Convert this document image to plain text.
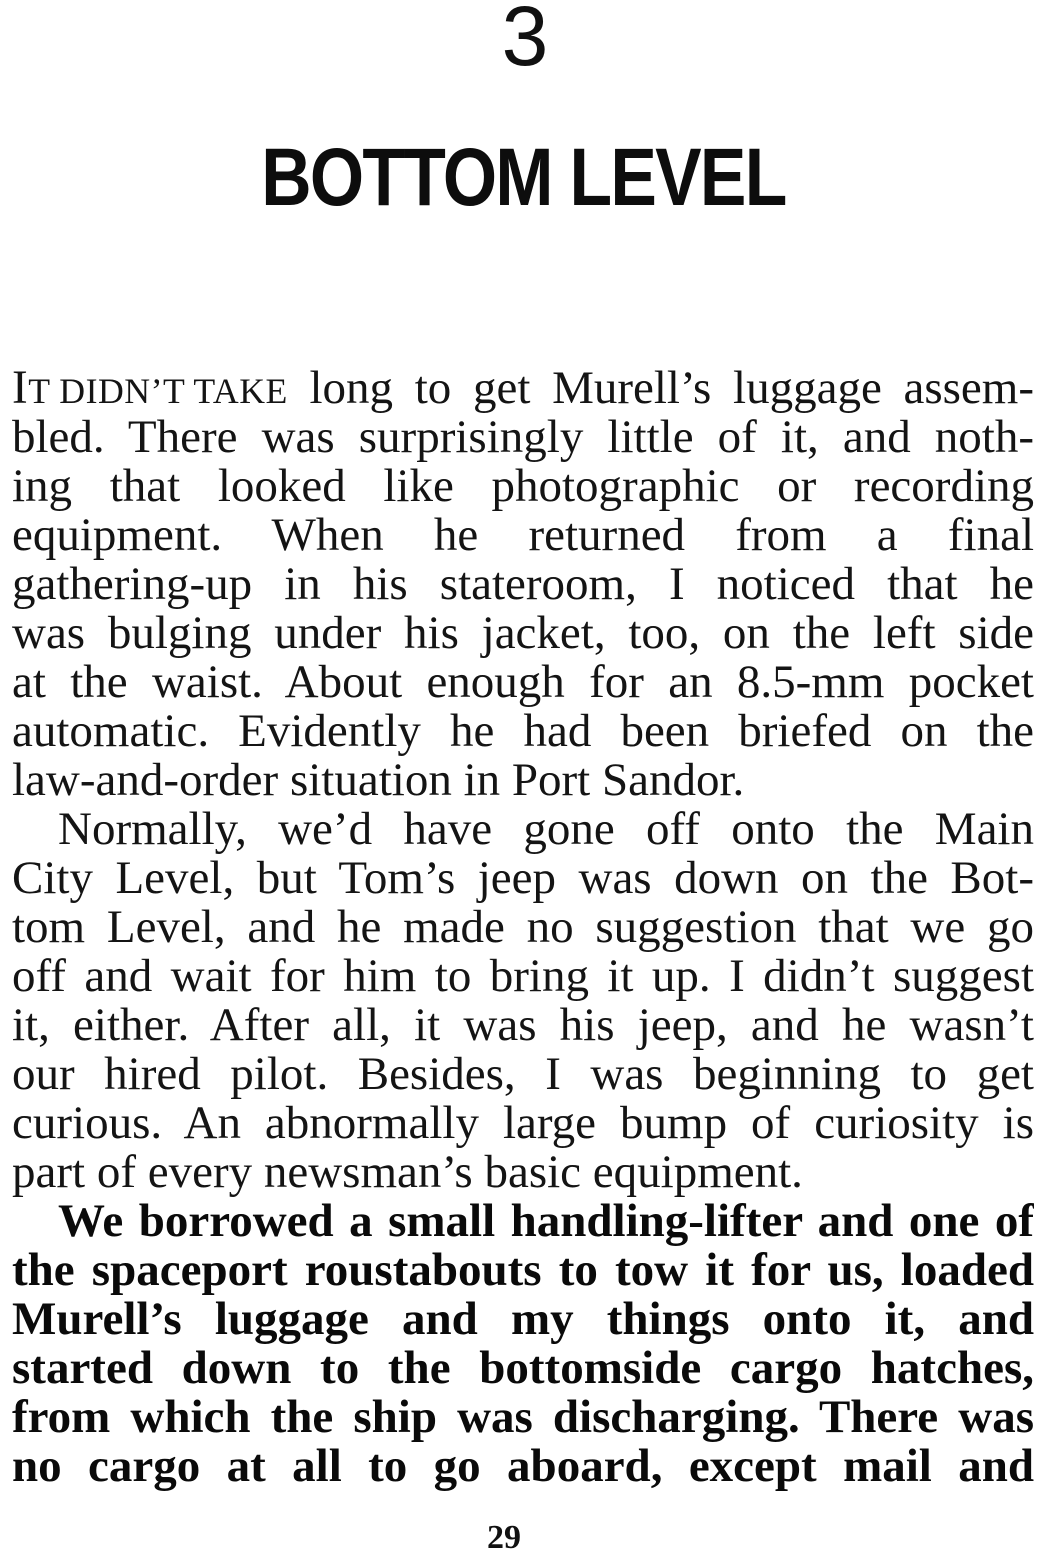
3
BOTTOM LEVEL
IT DIDN’T TAKE long to get Murell’s luggage assem-
bled. There was surprisingly little of it, and noth-
ing that looked like photographic or recording
equipment. When he returned from a final
gathering-up in his stateroom, I noticed that he
was bulging under his jacket, too, on the left side
at the waist. About enough for an 8.5-mm pocket
automatic. Evidently he had been briefed on the
law-and-order situation in Port Sandor.
Normally, we’d have gone off onto the Main
City Level, but Tom’s jeep was down on the Bot-
tom Level, and he made no suggestion that we go
off and wait for him to bring it up. I didn’t suggest
it, either. After all, it was his jeep, and he wasn’t
our hired pilot. Besides, I was beginning to get
curious. An abnormally large bump of curiosity is
part of every newsman’s basic equipment.
We borrowed a small handling-lifter and one of
the spaceport roustabouts to tow it for us, loaded
Murell’s luggage and my things onto it, and
started down to the bottomside cargo hatches,
from which the ship was discharging. There was
no cargo at all to go aboard, except mail and
29
